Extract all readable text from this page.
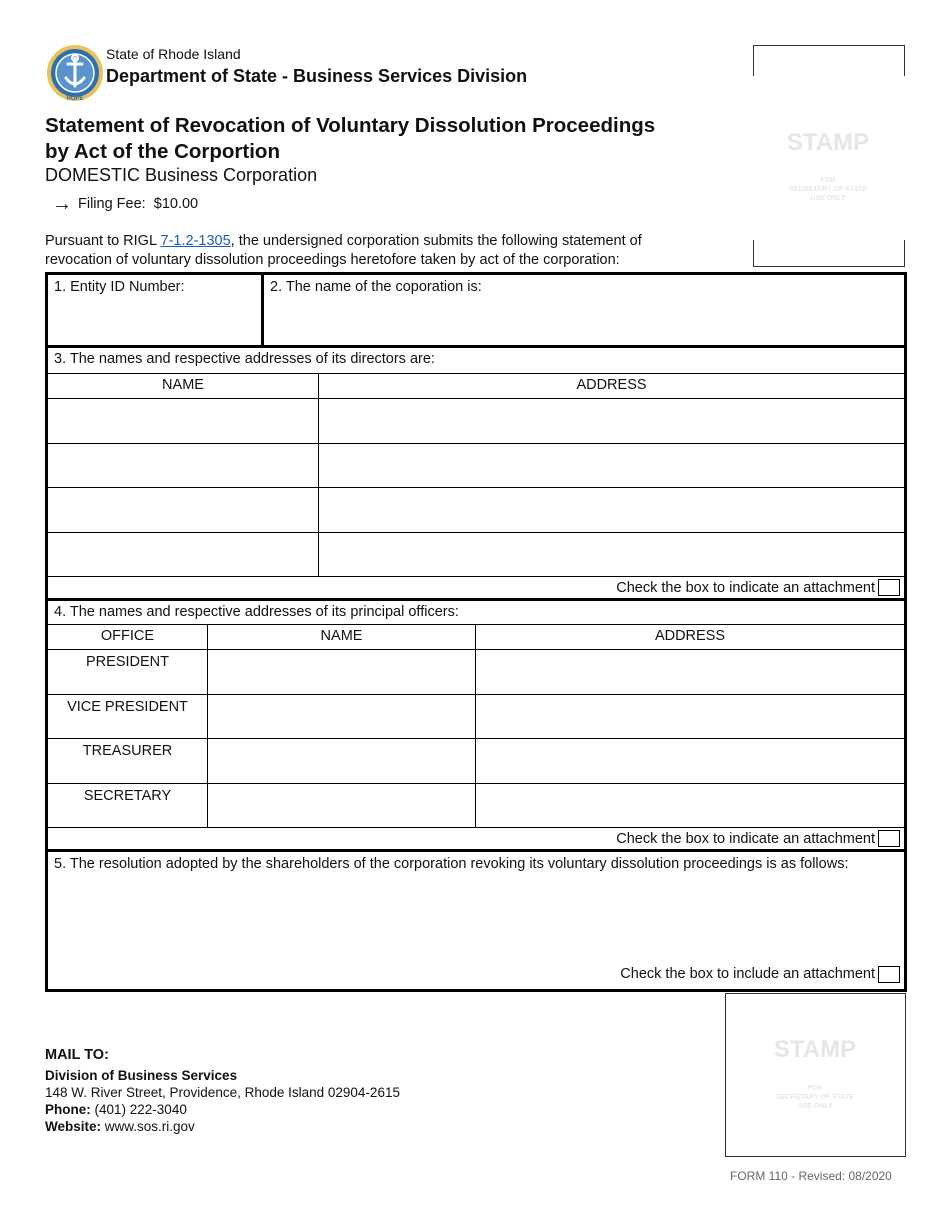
HOPE
State of Rhode Island
Department of State - Business Services Division
Statement of Revocation of Voluntary Dissolution Proceedings
by Act of the Corportion
DOMESTIC Business Corporation
→ Filing Fee: $10.00
Pursuant to RIGL 7-1.2-1305, the undersigned corporation submits the following statement of
revocation of voluntary dissolution proceedings heretofore taken by act of the corporation:
STAMP
FOR
SECRETARY OF STATE
USE ONLY
1. Entity ID Number:	2. The name of the coporation is:
3. The names and respective addresses of its directors are:
NAME	ADDRESS
Check the box to indicate an attachment
4. The names and respective addresses of its principal officers:
OFFICE	NAME	ADDRESS
PRESIDENT
VICE PRESIDENT
TREASURER
SECRETARY
Check the box to indicate an attachment
5. The resolution adopted by the shareholders of the corporation revoking its voluntary dissolution proceedings is as follows:
Check the box to include an attachment
MAIL TO:
Division of Business Services
148 W. River Street, Providence, Rhode Island 02904-2615
Phone: (401) 222-3040
Website: www.sos.ri.gov
STAMP
FOR
SECRETARY OF STATE
USE ONLY
FORM 110 - Revised: 08/2020
